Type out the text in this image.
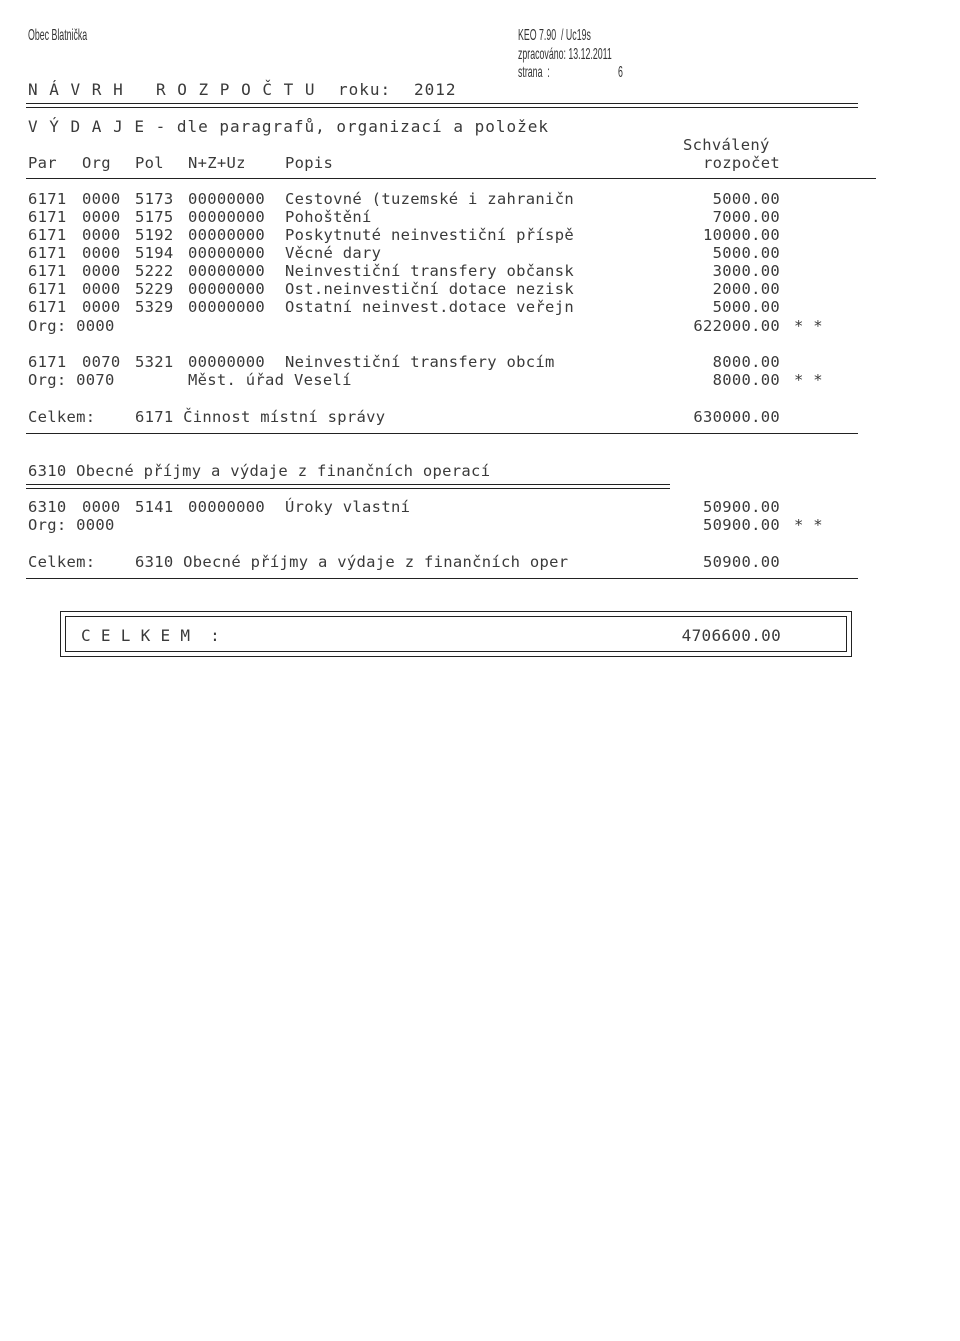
Obec Blatnička	KEO 7.90  / Uc19s
zpracováno: 13.12.2011
strana  :	6
N Á V R H R O Z P O Č T U roku: 2012
V Ý D A J E - dle paragrafů, organizací a položek
Schválený
Par Org Pol N+Z+Uz	Popis	rozpočet
6171 0000 5173 00000000 Cestovné (tuzemské i zahraničn	5000.00
6171 0000 5175 00000000 Pohoštění	7000.00
6171 0000 5192 00000000 Poskytnuté neinvestiční příspě	10000.00
6171 0000 5194 00000000 Věcné dary	5000.00
6171 0000 5222 00000000 Neinvestiční transfery občansk	3000.00
6171 0000 5229 00000000 Ost.neinvestiční dotace nezisk	2000.00
6171 0000 5329 00000000 Ostatní neinvest.dotace veřejn	5000.00
Org: 0000	622000.00 * *
6171 0070 5321 00000000 Neinvestiční transfery obcím	8000.00
Org: 0070	Měst. úřad Veselí	8000.00 * *
Celkem:	6171 Činnost místní správy	630000.00
6310 Obecné příjmy a výdaje z finančních operací
6310 0000 5141 00000000 Úroky vlastní	50900.00
Org: 0000	50900.00 * *
Celkem:	6310 Obecné příjmy a výdaje z finančních oper	50900.00
C E L K E M  :	4706600.00
